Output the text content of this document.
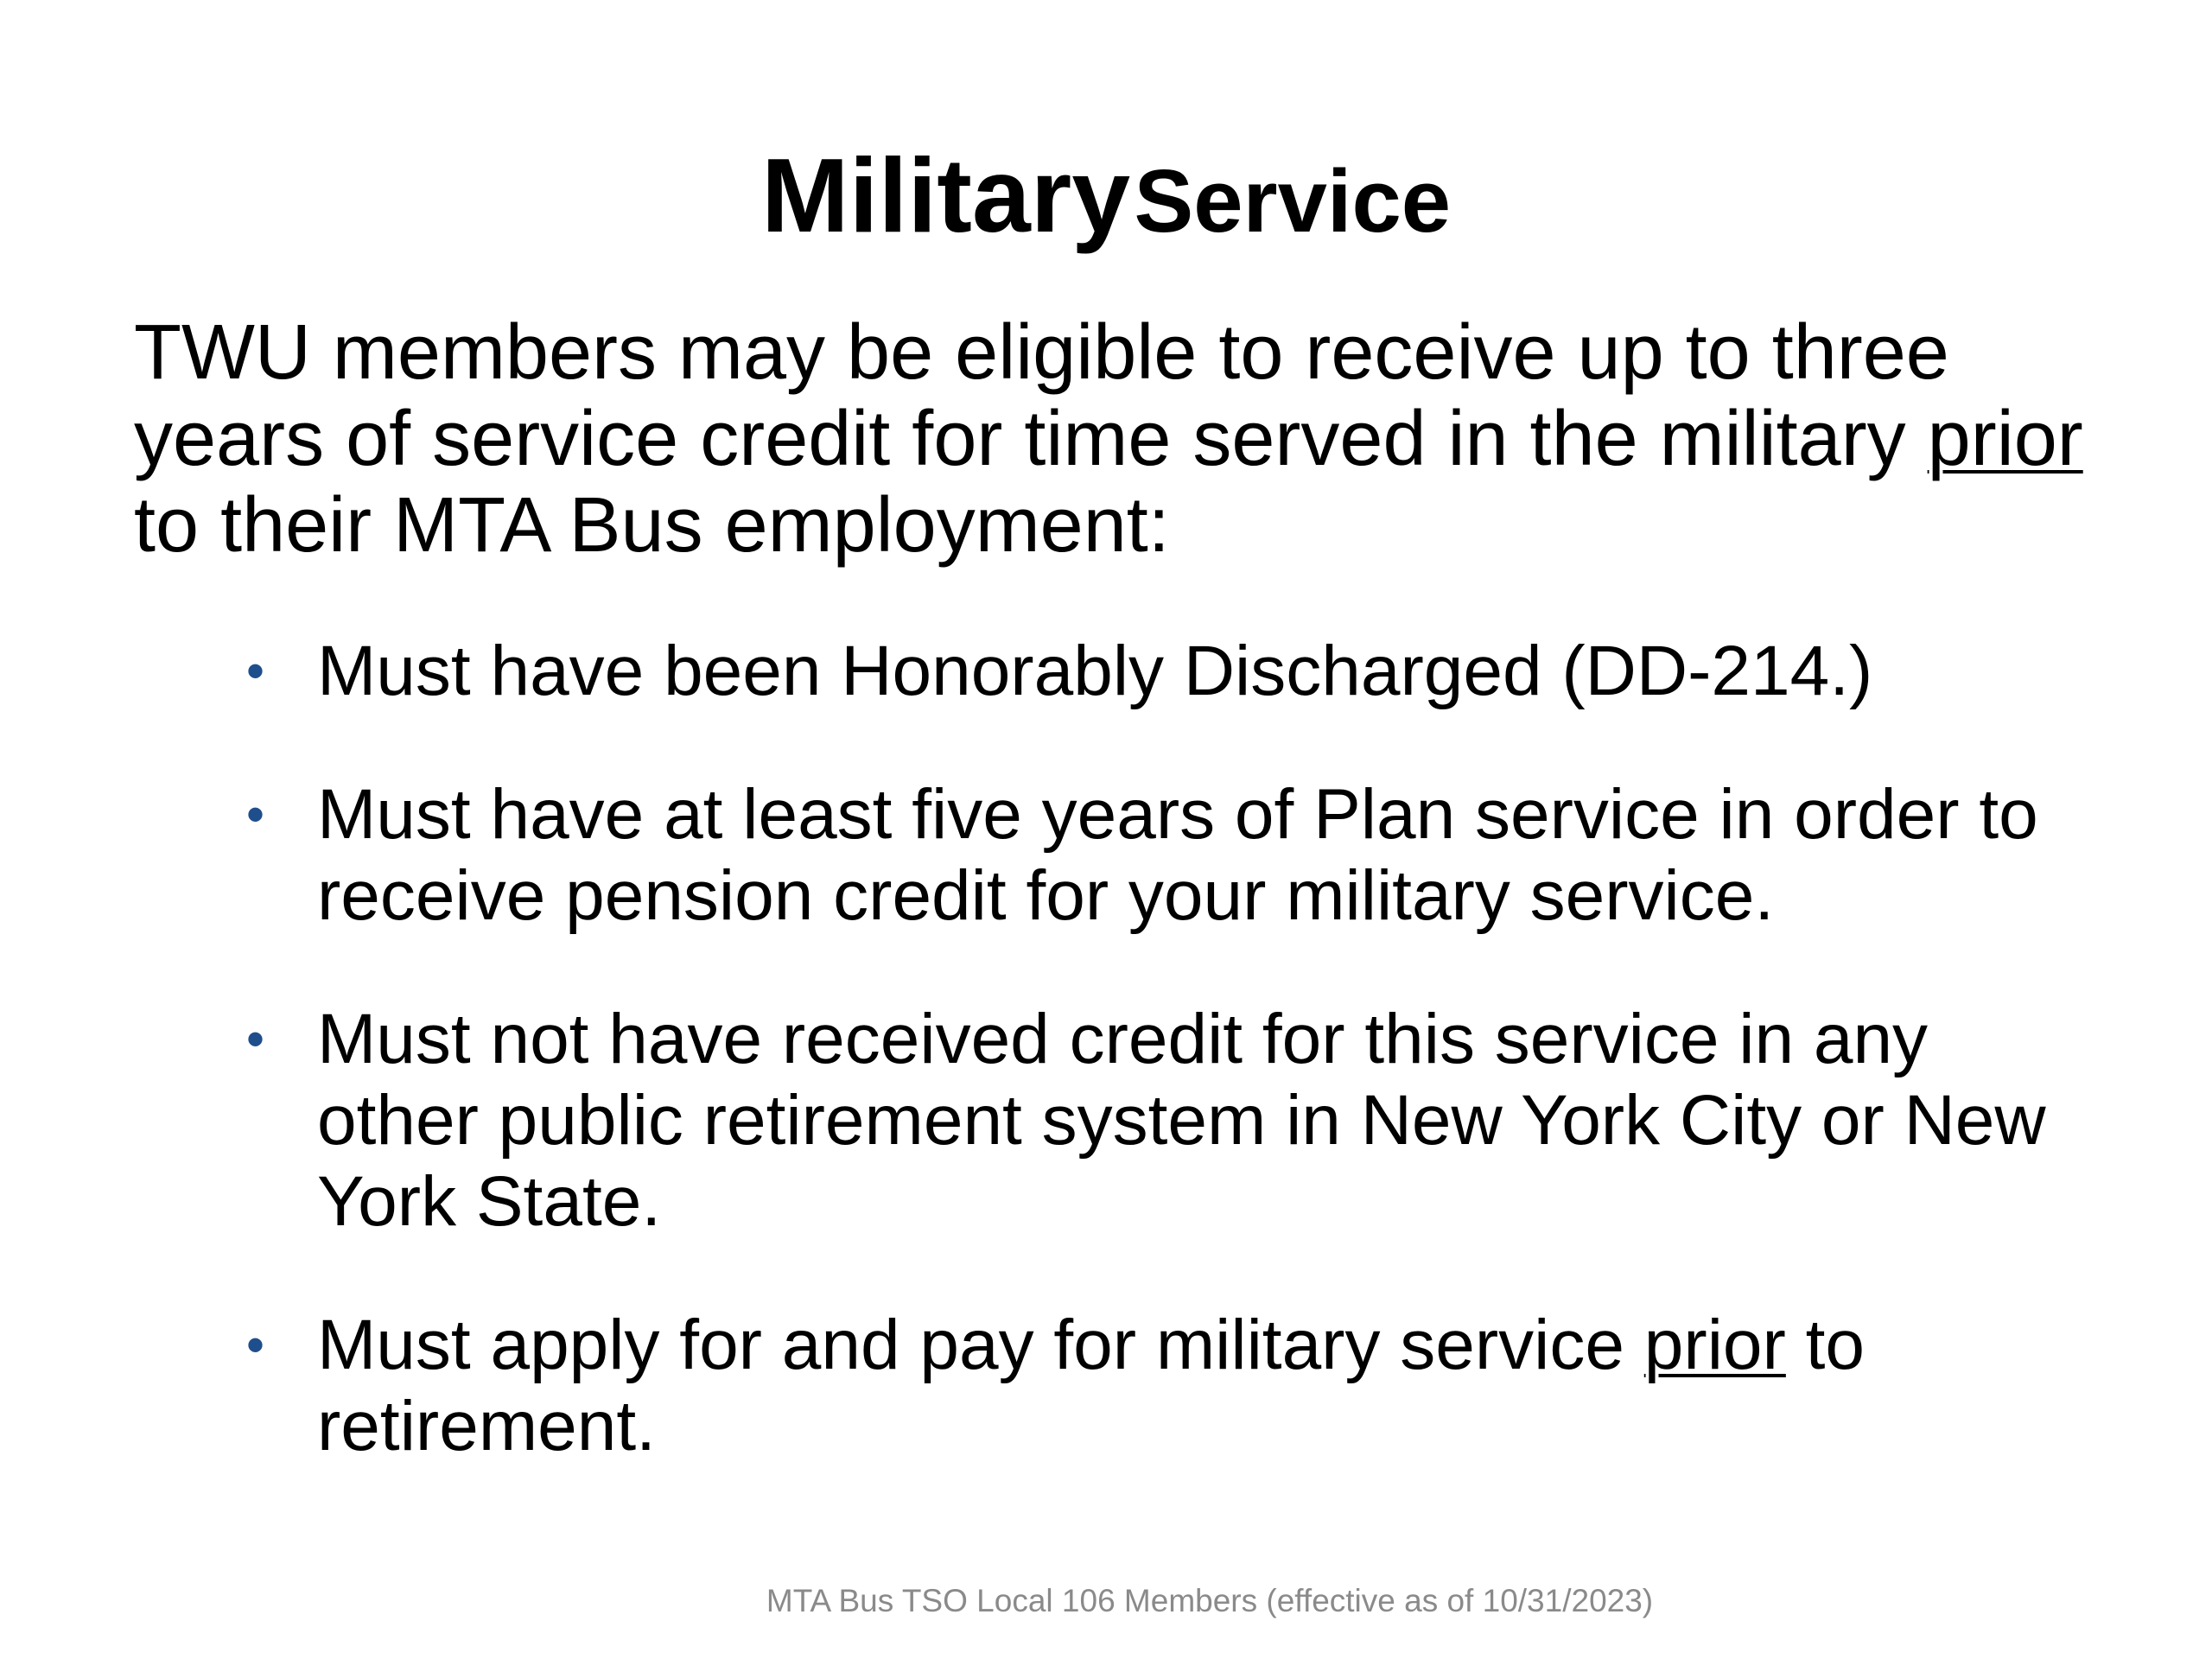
Military Service
TWU members may be eligible to receive up to three years of service credit for time served in the military prior to their MTA Bus employment:
• Must have been Honorably Discharged (DD-214.)
• Must have at least five years of Plan service in order to receive pension credit for your military service.
• Must not have received credit for this service in any other public retirement system in New York City or New York State.
• Must apply for and pay for military service prior to retirement.
MTA Bus TSO Local 106 Members (effective as of 10/31/2023)
